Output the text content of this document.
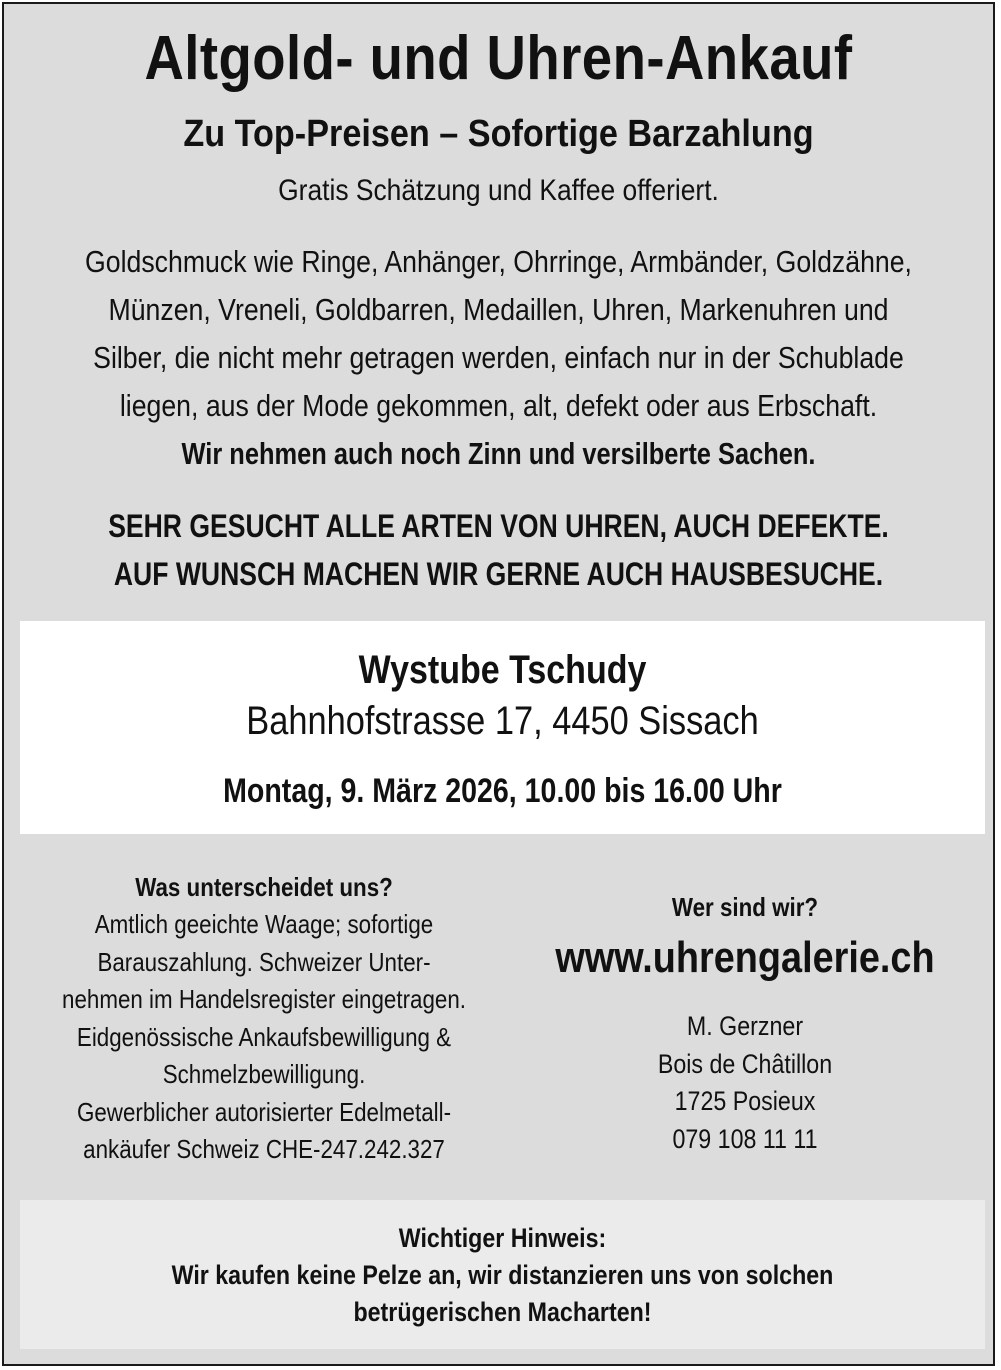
Altgold- und Uhren-Ankauf
Zu Top-Preisen – Sofortige Barzahlung
Gratis Schätzung und Kaffee offeriert.
Goldschmuck wie Ringe, Anhänger, Ohrringe, Armbänder, Goldzähne,
Münzen, Vreneli, Goldbarren, Medaillen, Uhren, Markenuhren und
Silber, die nicht mehr getragen werden, einfach nur in der Schublade
liegen, aus der Mode gekommen, alt, defekt oder aus Erbschaft.
Wir nehmen auch noch Zinn und versilberte Sachen.
SEHR GESUCHT ALLE ARTEN VON UHREN, AUCH DEFEKTE.
AUF WUNSCH MACHEN WIR GERNE AUCH HAUSBESUCHE.
Wystube Tschudy
Bahnhofstrasse 17, 4450 Sissach
Montag, 9. März 2026, 10.00 bis 16.00 Uhr
Was unterscheidet uns?
Amtlich geeichte Waage; sofortige
Barauszahlung. Schweizer Unter-
nehmen im Handelsregister eingetragen.
Eidgenössische Ankaufsbewilligung &
Schmelzbewilligung.
Gewerblicher autorisierter Edelmetall-
ankäufer Schweiz CHE-247.242.327
Wer sind wir?
www.uhrengalerie.ch
M. Gerzner
Bois de Châtillon
1725 Posieux
079 108 11 11
Wichtiger Hinweis:
Wir kaufen keine Pelze an, wir distanzieren uns von solchen
betrügerischen Macharten!
